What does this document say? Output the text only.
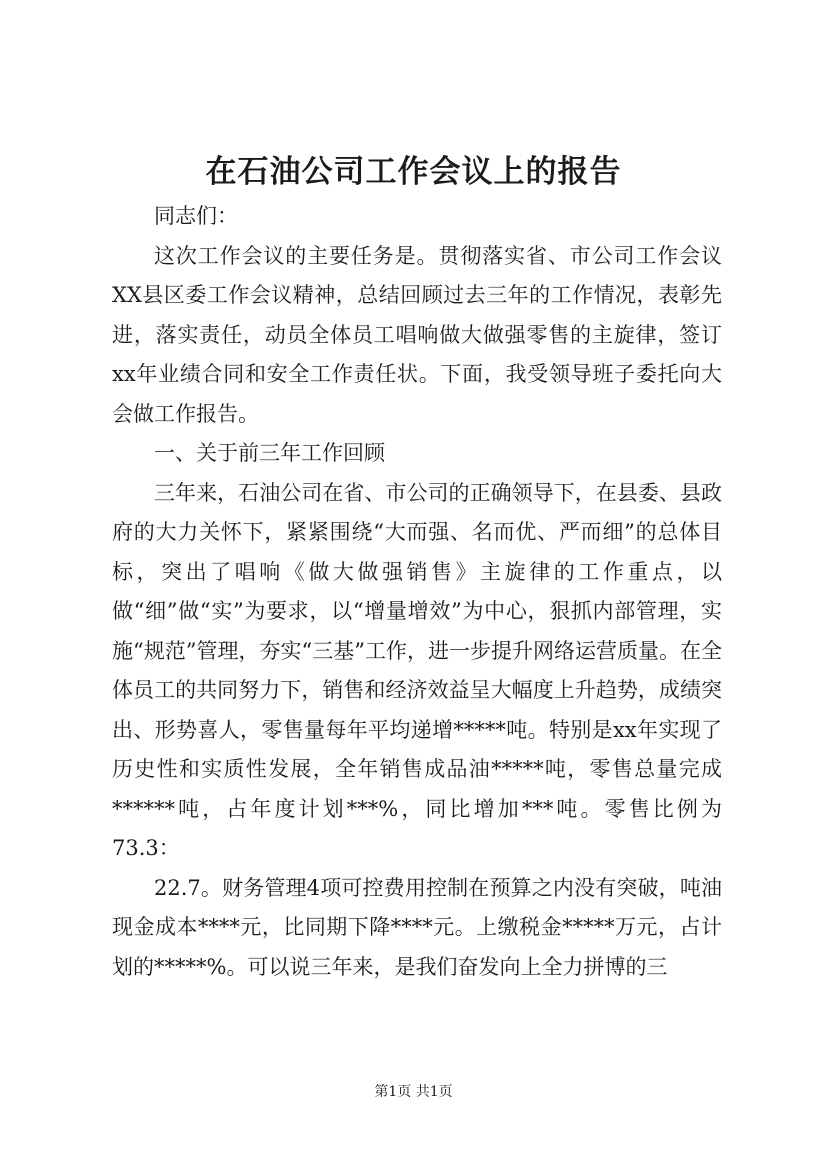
在石油公司工作会议上的报告

同志们：

这次工作会议的主要任务是。贯彻落实省、市公司工作会议XX县区委工作会议精神，总结回顾过去三年的工作情况，表彰先进，落实责任，动员全体员工唱响做大做强零售的主旋律，签订xx年业绩合同和安全工作责任状。下面，我受领导班子委托向大会做工作报告。

一、关于前三年工作回顾

三年来，石油公司在省、市公司的正确领导下，在县委、县政府的大力关怀下，紧紧围绕“大而强、名而优、严而细”的总体目标，突出了唱响《做大做强销售》主旋律的工作重点，以做“细”做“实”为要求，以“增量增效”为中心，狠抓内部管理，实施“规范”管理，夯实“三基”工作，进一步提升网络运营质量。在全体员工的共同努力下，销售和经济效益呈大幅度上升趋势，成绩突出、形势喜人，零售量每年平均递增*****吨。特别是xx年实现了历史性和实质性发展，全年销售成品油*****吨，零售总量完成******吨，占年度计划***%，同比增加***吨。零售比例为73.3：

22.7。财务管理4项可控费用控制在预算之内没有突破，吨油现金成本****元，比同期下降****元。上缴税金*****万元，占计划的*****%。可以说三年来，是我们奋发向上全力拼博的三

第1页 共1页
